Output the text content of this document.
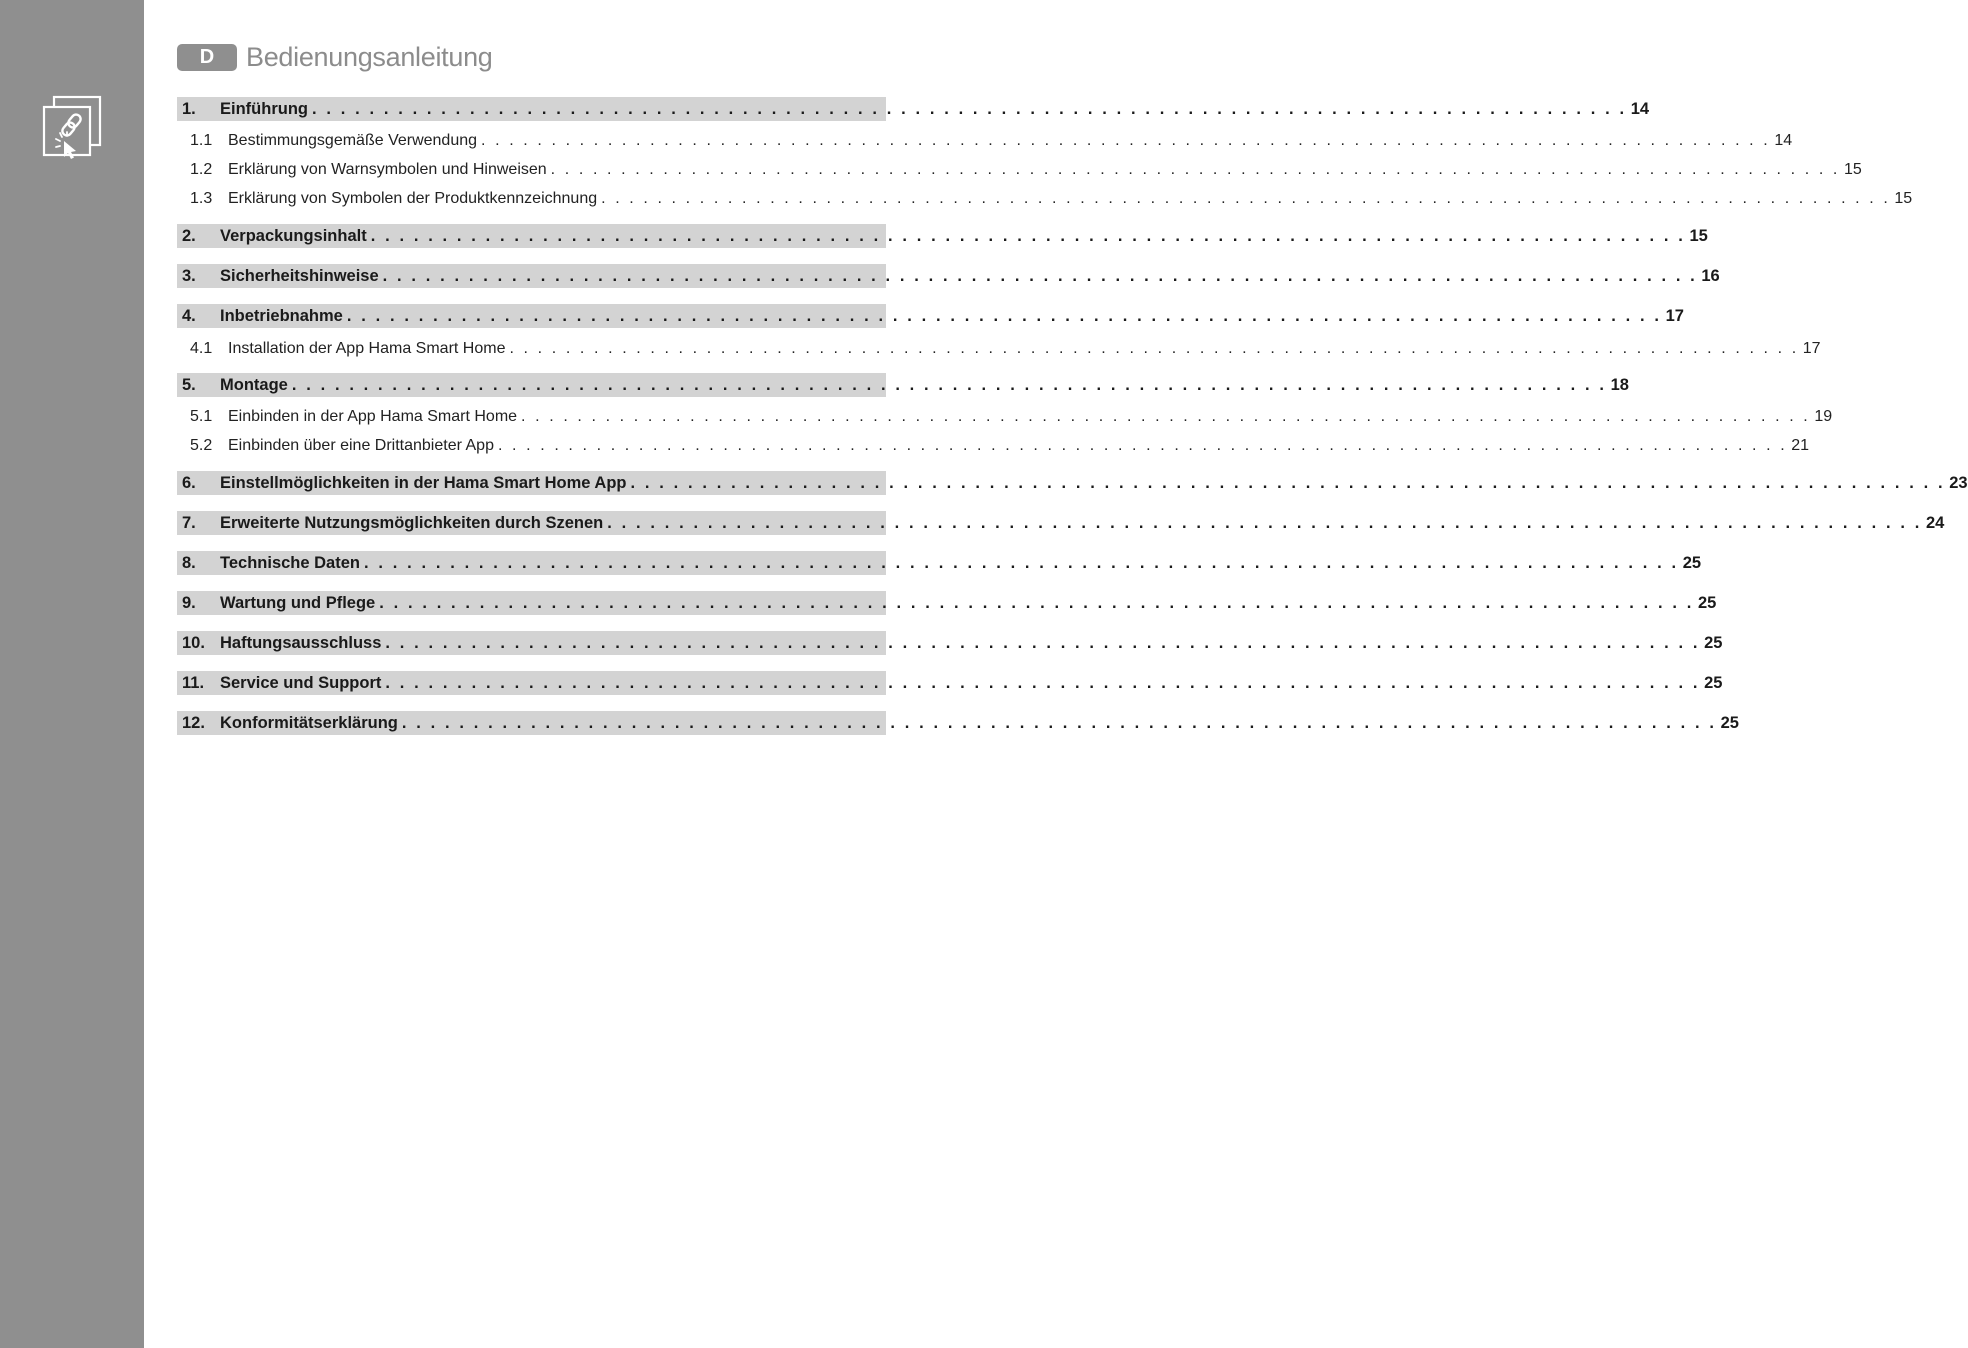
D	Bedienungsanleitung
1.	Einführung . . . . . . . . . . . . . . . . . . . . . . . . . . . . . . . . . . . . . . . . . . . . . . . . . . . . . . . . . . . . . . . . . . . . . . . . . . . . . . . . . . . . . . . . . . . . 14
1.1 Bestimmungsgemäße Verwendung . . . . . . . . . . . . . . . . . . . . . . . . . . . . . . . . . . . . . . . . . . . . . . . . . . . . . . . . . . . . . . . . . . . . . . . . . . . . . . . . . . . . . . . . . . . . 14
1.2 Erklärung von Warnsymbolen und Hinweisen . . . . . . . . . . . . . . . . . . . . . . . . . . . . . . . . . . . . . . . . . . . . . . . . . . . . . . . . . . . . . . . . . . . . . . . . . . . . . . . . . . . . . . . . . . . . 15
1.3 Erklärung von Symbolen der Produktkennzeichnung . . . . . . . . . . . . . . . . . . . . . . . . . . . . . . . . . . . . . . . . . . . . . . . . . . . . . . . . . . . . . . . . . . . . . . . . . . . . . . . . . . . . . . . . . . . . 15
2.	Verpackungsinhalt . . . . . . . . . . . . . . . . . . . . . . . . . . . . . . . . . . . . . . . . . . . . . . . . . . . . . . . . . . . . . . . . . . . . . . . . . . . . . . . . . . . . . . . . . . . . 15
3.	Sicherheitshinweise . . . . . . . . . . . . . . . . . . . . . . . . . . . . . . . . . . . . . . . . . . . . . . . . . . . . . . . . . . . . . . . . . . . . . . . . . . . . . . . . . . . . . . . . . . . . 16
4.	Inbetriebnahme . . . . . . . . . . . . . . . . . . . . . . . . . . . . . . . . . . . . . . . . . . . . . . . . . . . . . . . . . . . . . . . . . . . . . . . . . . . . . . . . . . . . . . . . . . . . 17
4.1 Installation der App Hama Smart Home . . . . . . . . . . . . . . . . . . . . . . . . . . . . . . . . . . . . . . . . . . . . . . . . . . . . . . . . . . . . . . . . . . . . . . . . . . . . . . . . . . . . . . . . . . . . 17
5.	Montage . . . . . . . . . . . . . . . . . . . . . . . . . . . . . . . . . . . . . . . . . . . . . . . . . . . . . . . . . . . . . . . . . . . . . . . . . . . . . . . . . . . . . . . . . . . . 18
5.1 Einbinden in der App Hama Smart Home . . . . . . . . . . . . . . . . . . . . . . . . . . . . . . . . . . . . . . . . . . . . . . . . . . . . . . . . . . . . . . . . . . . . . . . . . . . . . . . . . . . . . . . . . . . . 19
5.2 Einbinden über eine Drittanbieter App . . . . . . . . . . . . . . . . . . . . . . . . . . . . . . . . . . . . . . . . . . . . . . . . . . . . . . . . . . . . . . . . . . . . . . . . . . . . . . . . . . . . . . . . . . . . 21
6.	Einstellmöglichkeiten in der Hama Smart Home App . . . . . . . . . . . . . . . . . . . . . . . . . . . . . . . . . . . . . . . . . . . . . . . . . . . . . . . . . . . . . . . . . . . . . . . . . . . . . . . . . . . . . . . . . . . . 23
7.	Erweiterte Nutzungsmöglichkeiten durch Szenen . . . . . . . . . . . . . . . . . . . . . . . . . . . . . . . . . . . . . . . . . . . . . . . . . . . . . . . . . . . . . . . . . . . . . . . . . . . . . . . . . . . . . . . . . . . . 24
8.	Technische Daten . . . . . . . . . . . . . . . . . . . . . . . . . . . . . . . . . . . . . . . . . . . . . . . . . . . . . . . . . . . . . . . . . . . . . . . . . . . . . . . . . . . . . . . . . . . . 25
9.	Wartung und Pflege . . . . . . . . . . . . . . . . . . . . . . . . . . . . . . . . . . . . . . . . . . . . . . . . . . . . . . . . . . . . . . . . . . . . . . . . . . . . . . . . . . . . . . . . . . . . 25
10. Haftungsausschluss . . . . . . . . . . . . . . . . . . . . . . . . . . . . . . . . . . . . . . . . . . . . . . . . . . . . . . . . . . . . . . . . . . . . . . . . . . . . . . . . . . . . . . . . . . . . 25
11. Service und Support . . . . . . . . . . . . . . . . . . . . . . . . . . . . . . . . . . . . . . . . . . . . . . . . . . . . . . . . . . . . . . . . . . . . . . . . . . . . . . . . . . . . . . . . . . . . 25
12. Konformitätserklärung . . . . . . . . . . . . . . . . . . . . . . . . . . . . . . . . . . . . . . . . . . . . . . . . . . . . . . . . . . . . . . . . . . . . . . . . . . . . . . . . . . . . . . . . . . . . 25
